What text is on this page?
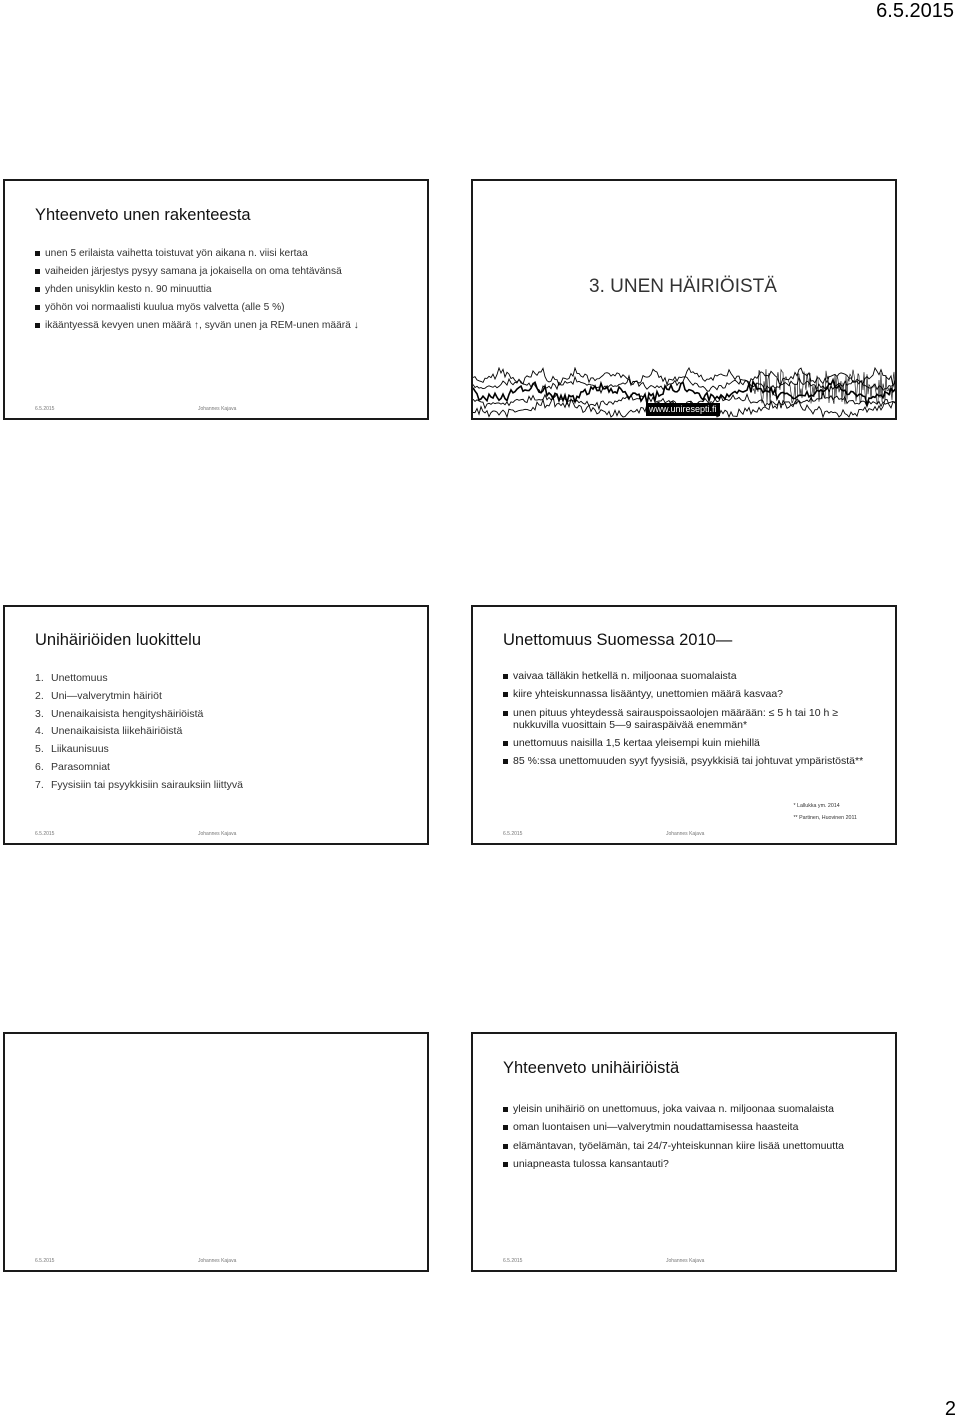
6.5.2015
Yhteenveto unen rakenteesta
unen 5 erilaista vaihetta toistuvat yön aikana n. viisi kertaa
vaiheiden järjestys pysyy samana ja jokaisella on oma tehtävänsä
yhden unisyklin kesto n. 90 minuuttia
yöhön voi normaalisti kuulua myös valvetta (alle 5 %)
ikääntyessä kevyen unen määrä ↑, syvän unen ja REM-unen määrä ↓
6.5.2015	Johannes Kajava
3. UNEN HÄIRIÖISTÄ
www.uniresepti.fi
Unihäiriöiden luokittelu
1. Unettomuus
2. Uni—valverytmin häiriöt
3. Unenaikaisista hengityshäiriöistä
4. Unenaikaisista liikehäiriöistä
5. Liikaunisuus
6. Parasomniat
7. Fyysisiin tai psyykkisiin sairauksiin liittyvä
6.5.2015	Johannes Kajava
Unettomuus Suomessa 2010—
vaivaa tälläkin hetkellä n. miljoonaa suomalaista
kiire yhteiskunnassa lisääntyy, unettomien määrä kasvaa?
unen pituus yhteydessä sairauspoissaolojen määrään: ≤ 5 h tai 10 h ≥ nukkuvilla vuosittain 5—9 sairaspäivää enemmän*
unettomuus naisilla 1,5 kertaa yleisempi kuin miehillä
85 %:ssa unettomuuden syyt fyysisiä, psyykkisiä tai johtuvat ympäristöstä**
* Lallukka ym. 2014
** Partinen, Huovinen 2011
6.5.2015	Johannes Kajava
6.5.2015	Johannes Kajava
Yhteenveto unihäiriöistä
yleisin unihäiriö on unettomuus, joka vaivaa n. miljoonaa suomalaista
oman luontaisen uni—valverytmin noudattamisessa haasteita
elämäntavan, työelämän, tai 24/7-yhteiskunnan kiire lisää unettomuutta
uniapneasta tulossa kansantauti?
6.5.2015	Johannes Kajava
2
